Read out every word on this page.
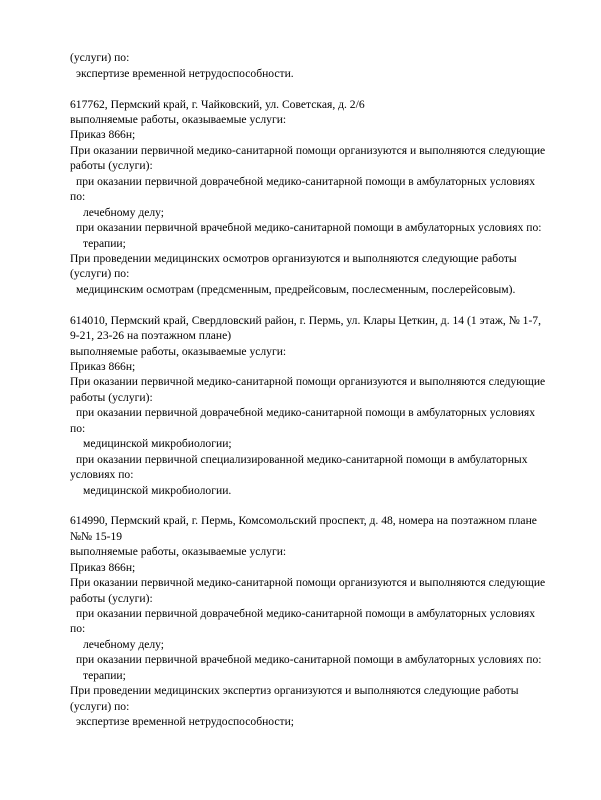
(услуги) по:
экспертизе временной нетрудоспособности.
617762, Пермский край, г. Чайковский, ул. Советская, д. 2/6
выполняемые работы, оказываемые услуги:
Приказ 866н;
При оказании первичной медико-санитарной помощи организуются и выполняются следующие
работы (услуги):
при оказании первичной доврачебной медико-санитарной помощи в амбулаторных условиях
по:
лечебному делу;
при оказании первичной врачебной медико-санитарной помощи в амбулаторных условиях по:
терапии;
При проведении медицинских осмотров организуются и выполняются следующие работы
(услуги) по:
медицинским осмотрам (предсменным, предрейсовым, послесменным, послерейсовым).
614010, Пермский край, Свердловский район, г. Пермь, ул. Клары Цеткин, д. 14 (1 этаж, № 1-7,
9-21, 23-26 на поэтажном плане)
выполняемые работы, оказываемые услуги:
Приказ 866н;
При оказании первичной медико-санитарной помощи организуются и выполняются следующие
работы (услуги):
при оказании первичной доврачебной медико-санитарной помощи в амбулаторных условиях
по:
медицинской микробиологии;
при оказании первичной специализированной медико-санитарной помощи в амбулаторных
условиях по:
медицинской микробиологии.
614990, Пермский край, г. Пермь, Комсомольский проспект, д. 48, номера на поэтажном плане
№№ 15-19
выполняемые работы, оказываемые услуги:
Приказ 866н;
При оказании первичной медико-санитарной помощи организуются и выполняются следующие
работы (услуги):
при оказании первичной доврачебной медико-санитарной помощи в амбулаторных условиях
по:
лечебному делу;
при оказании первичной врачебной медико-санитарной помощи в амбулаторных условиях по:
терапии;
При проведении медицинских экспертиз организуются и выполняются следующие работы
(услуги) по:
экспертизе временной нетрудоспособности;
